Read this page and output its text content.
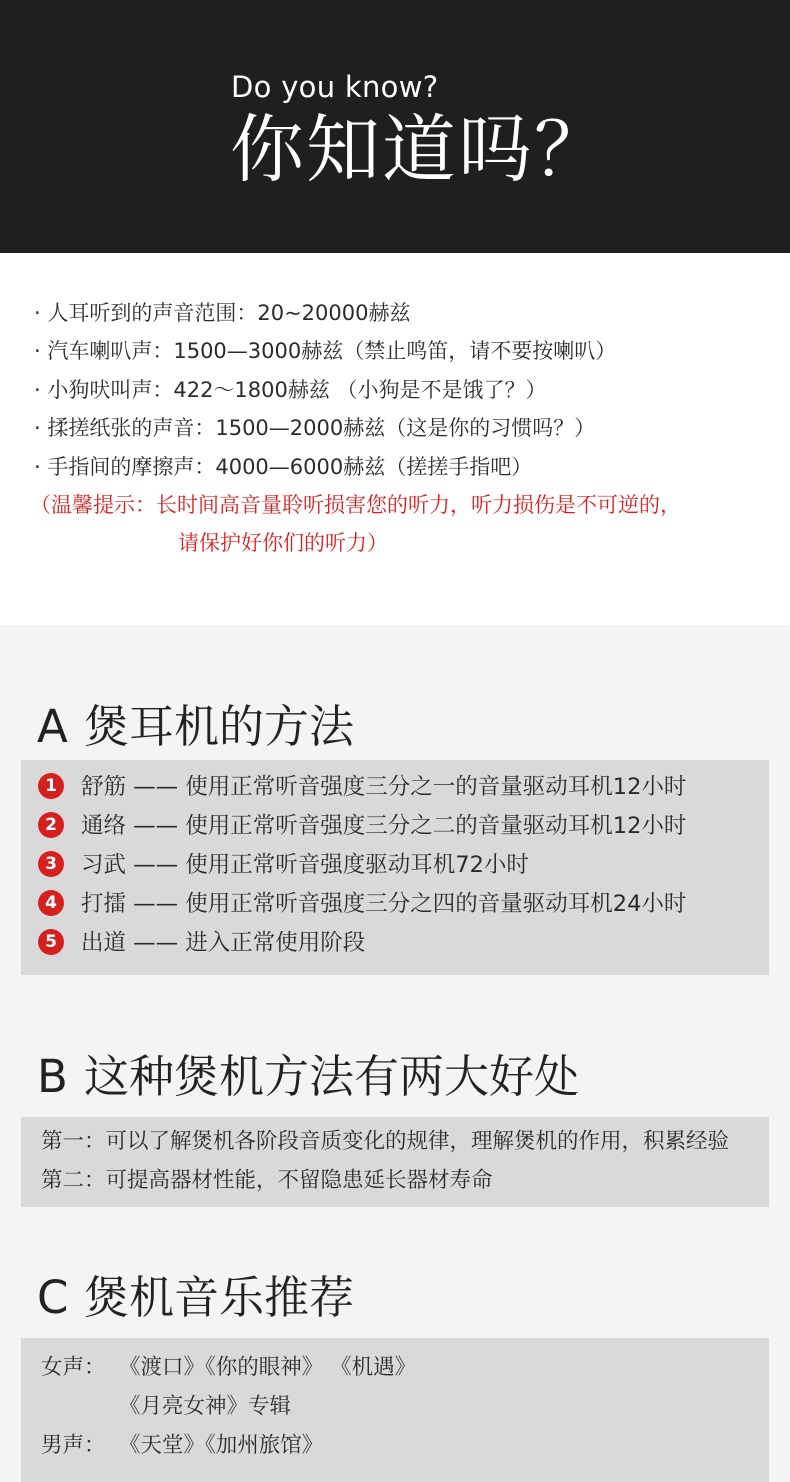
Do you know?
你知道吗？
· 人耳听到的声音范围：20~20000赫兹
· 汽车喇叭声：1500—3000赫兹（禁止鸣笛，请不要按喇叭）
· 小狗吠叫声：422～1800赫兹 （小狗是不是饿了？）
· 揉搓纸张的声音：1500—2000赫兹（这是你的习惯吗？）
· 手指间的摩擦声：4000—6000赫兹（搓搓手指吧）
（温馨提示：长时间高音量聆听损害您的听力，听力损伤是不可逆的，
请保护好你们的听力）
A 煲耳机的方法
1 舒筋 —— 使用正常听音强度三分之一的音量驱动耳机12小时
2 通络 —— 使用正常听音强度三分之二的音量驱动耳机12小时
3 习武 —— 使用正常听音强度驱动耳机72小时
4 打擂 —— 使用正常听音强度三分之四的音量驱动耳机24小时
5 出道 —— 进入正常使用阶段
B 这种煲机方法有两大好处
第一：可以了解煲机各阶段音质变化的规律，理解煲机的作用，积累经验
第二：可提高器材性能，不留隐患延长器材寿命
C 煲机音乐推荐
女声： 《渡口》《你的眼神》 《机遇》
《月亮女神》专辑
男声： 《天堂》《加州旅馆》
